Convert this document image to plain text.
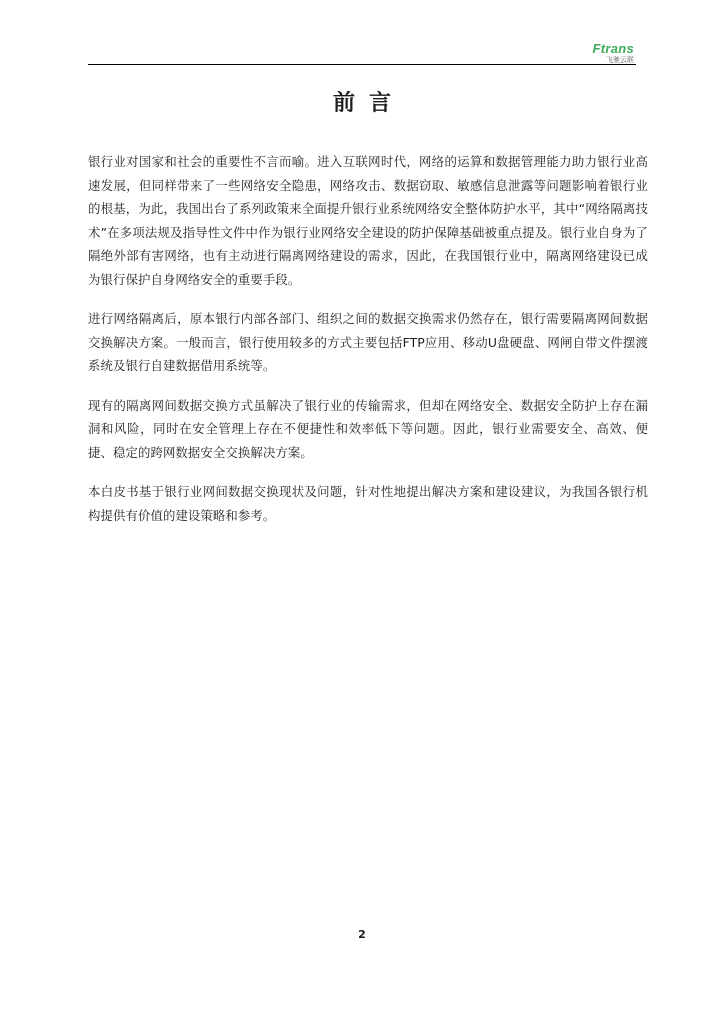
Ftrans
飞驰云联
前言

银行业对国家和社会的重要性不言而喻。进入互联网时代，网络的运算和数据管理能力助力银行业高速发展，但同样带来了一些网络安全隐患，网络攻击、数据窃取、敏感信息泄露等问题影响着银行业的根基，为此，我国出台了系列政策来全面提升银行业系统网络安全整体防护水平，其中“网络隔离技术”在多项法规及指导性文件中作为银行业网络安全建设的防护保障基础被重点提及。银行业自身为了隔绝外部有害网络，也有主动进行隔离网络建设的需求，因此，在我国银行业中，隔离网络建设已成为银行保护自身网络安全的重要手段。

进行网络隔离后，原本银行内部各部门、组织之间的数据交换需求仍然存在，银行需要隔离网间数据交换解决方案。一般而言，银行使用较多的方式主要包括FTP应用、移动U盘硬盘、网闸自带文件摆渡系统及银行自建数据借用系统等。

现有的隔离网间数据交换方式虽解决了银行业的传输需求，但却在网络安全、数据安全防护上存在漏洞和风险，同时在安全管理上存在不便捷性和效率低下等问题。因此，银行业需要安全、高效、便捷、稳定的跨网数据安全交换解决方案。

本白皮书基于银行业网间数据交换现状及问题，针对性地提出解决方案和建设建议，为我国各银行机构提供有价值的建设策略和参考。

2
